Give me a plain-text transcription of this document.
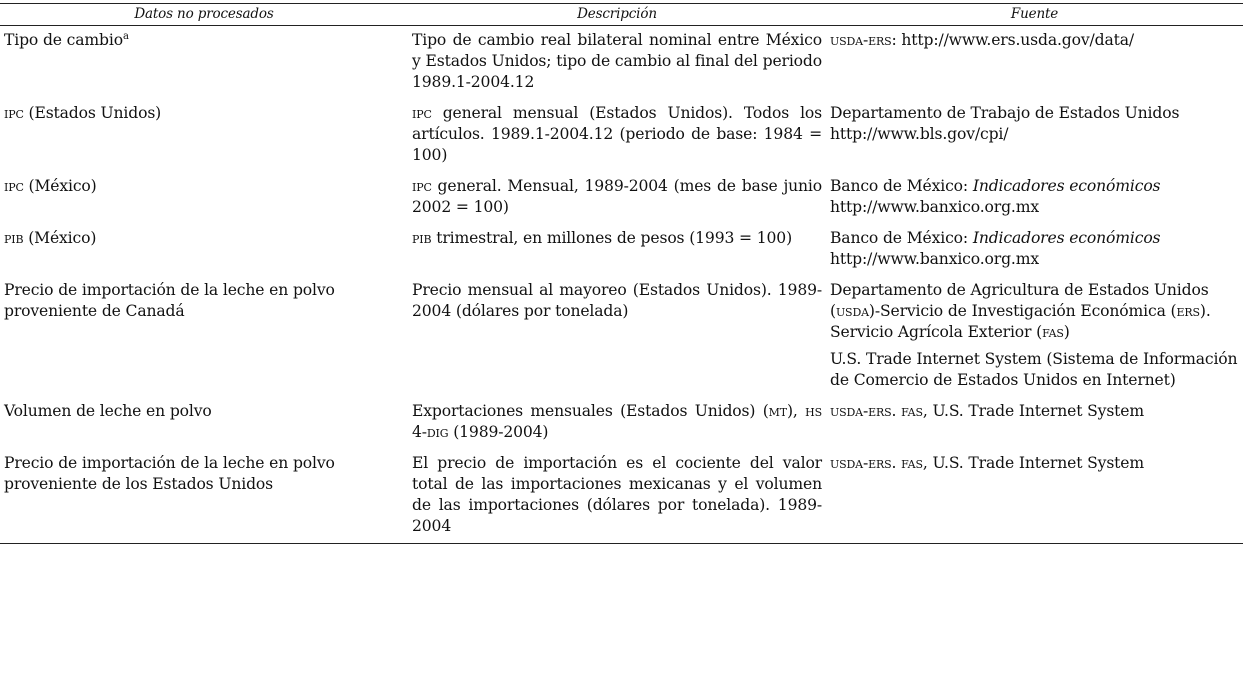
Datos no procesados	Descripción	Fuente
Tipo de cambio$^a$	Tipo de cambio real bilateral nominal entre México y Estados Unidos; tipo de cambio al final del periodo 1989.1-2004.12	usda-ers: http://www.ers.usda.gov/data/

ipc (Estados Unidos)	ipc general mensual (Estados Unidos). Todos los artículos. 1989.1-2004.12 (periodo de base: 1984 = 100)	Departamento de Trabajo de Estados Unidos http://www.bls.gov/cpi/

ipc (México)	ipc general. Mensual, 1989-2004 (mes de base junio 2002 = 100)	Banco de México: Indicadores económicos http://www.banxico.org.mx

pib (México)	pib trimestral, en millones de pesos (1993 = 100)	Banco de México: Indicadores económicos http://www.banxico.org.mx

Precio de importación de la leche en polvo proveniente de Canadá	Precio mensual al mayoreo (Estados Unidos). 1989-2004 (dólares por tonelada)	Departamento de Agricultura de Estados Unidos (usda)-Servicio de Investigación Económica (ers). Servicio Agrícola Exterior (fas)
U.S. Trade Internet System (Sistema de Información de Comercio de Estados Unidos en Internet)

Volumen de leche en polvo	Exportaciones mensuales (Estados Unidos) (mt), hs 4-dig (1989-2004)	usda-ers. fas, U.S. Trade Internet System

Precio de importación de la leche en polvo proveniente de los Estados Unidos	El precio de importación es el cociente del valor total de las importaciones mexicanas y el volumen de las importaciones (dólares por tonelada). 1989-2004	usda-ers. fas, U.S. Trade Internet System
